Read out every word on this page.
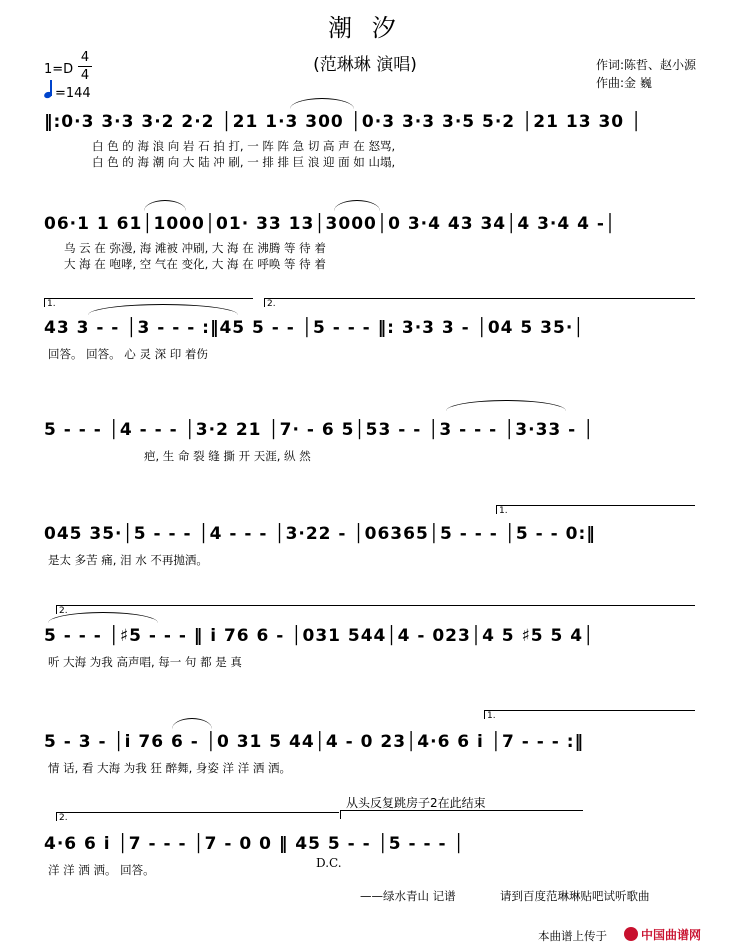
潮 汐
(范琳琳 演唱)
1=D
4
4
=144
作词:陈哲、赵小源
作曲:金 巍
‖:0·3 3·3 3·2 2·2 │21 1·3 300 │0·3 3·3 3·5 5·2 │21 13 30 │
白 色 的 海 浪 向 岩 石 拍 打, 一 阵 阵 急 切 高 声 在 怒骂,
白 色 的 海 潮 向 大 陆 冲 刷, 一 排 排 巨 浪 迎 面 如 山塌,
06·1 1 61│1000│01· 33 13│3000│0 3·4 43 34│4 3·4 4 -│
乌 云 在 弥漫, 海 滩被 冲刷, 大 海 在 沸腾 等 待 着
大 海 在 咆哮, 空 气在 变化, 大 海 在 呼唤 等 待 着
1.	2.
43 3 - - │3 - - - :‖45 5 - - │5 - - - ‖: 3·3 3 - │04 5 35·│
回答。 回答。 心 灵 深 印 着伤
5 - - - │4 - - - │3·2 21 │7· - 6 5│53 - - │3 - - - │3·33 - │
疤, 生 命 裂 缝 撕 开 天涯, 纵 然
1.
045 35·│5 - - - │4 - - - │3·22 - │06365│5 - - - │5 - - 0:‖
是太 多苦 痛, 泪 水 不再抛洒。
2.
5 - - - │♯5 - - - ‖ i 76 6 - │031 544│4 - 023│4 5 ♯5 5 4│
听 大海 为我 高声唱, 每一 句 都 是 真
1.
5 - 3 - │i 76 6 - │0 31 5 44│4 - 0 23│4·6 6 i │7 - - - :‖
情 话, 看 大海 为我 狂 醉舞, 身姿 洋 洋 洒 洒。
从头反复跳房子2在此结束
2.
4·6 6 i │7 - - - │7 - 0 0 ‖ 45 5 - - │5 - - - │
洋 洋 洒 洒。 回答。	D.C.
——绿水青山 记谱	请到百度范琳琳贴吧试听歌曲
本曲谱上传于	中国曲谱网
